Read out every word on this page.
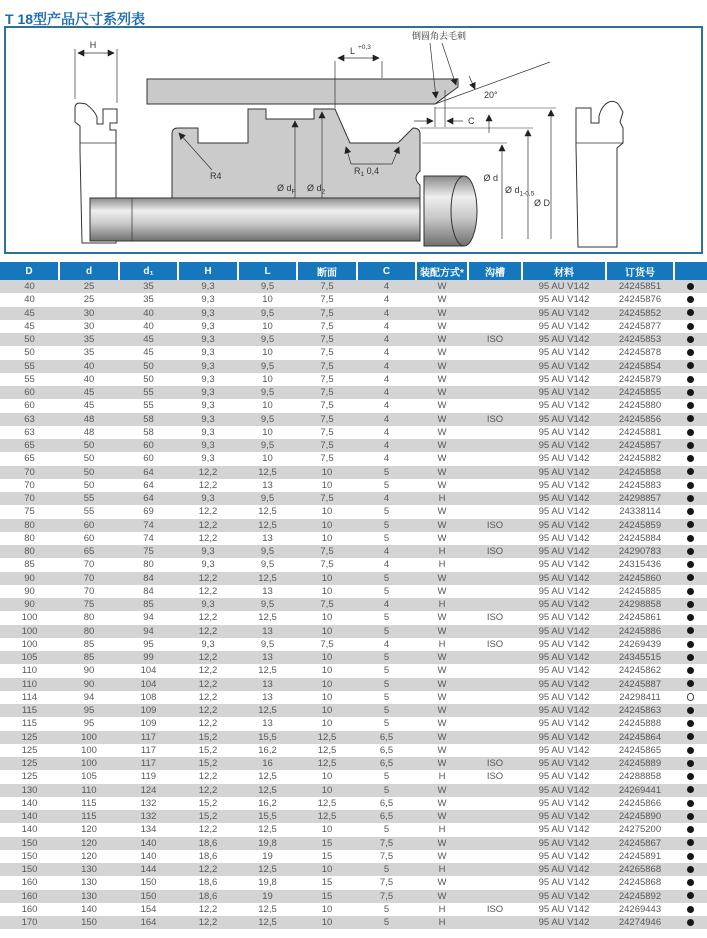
T 18型产品尺寸系列表
H
20°
倒圆角去毛刺
L +0,3
C
R4	$R_1$ 0,4
Ø $d_F$ Ø $d_2$
Ø d
Ø $d_{1-0,5}$
Ø D
D	d	d₁	H	L	断面	C	装配方式*	沟槽	材料	订货号	
40	25	35	9,3	9,5	7,5	4	W		95 AU V142	24245851	
40	25	35	9,3	10	7,5	4	W		95 AU V142	24245876	
45	30	40	9,3	9,5	7,5	4	W		95 AU V142	24245852	
45	30	40	9,3	10	7,5	4	W		95 AU V142	24245877	
50	35	45	9,3	9,5	7,5	4	W	ISO	95 AU V142	24245853	
50	35	45	9,3	10	7,5	4	W		95 AU V142	24245878	
55	40	50	9,3	9,5	7,5	4	W		95 AU V142	24245854	
55	40	50	9,3	10	7,5	4	W		95 AU V142	24245879	
60	45	55	9,3	9,5	7,5	4	W		95 AU V142	24245855	
60	45	55	9,3	10	7,5	4	W		95 AU V142	24245880	
63	48	58	9,3	9,5	7,5	4	W	ISO	95 AU V142	24245856	
63	48	58	9,3	10	7,5	4	W		95 AU V142	24245881	
65	50	60	9,3	9,5	7,5	4	W		95 AU V142	24245857	
65	50	60	9,3	10	7,5	4	W		95 AU V142	24245882	
70	50	64	12,2	12,5	10	5	W		95 AU V142	24245858	
70	50	64	12,2	13	10	5	W		95 AU V142	24245883	
70	55	64	9,3	9,5	7,5	4	H		95 AU V142	24298857	
75	55	69	12,2	12,5	10	5	W		95 AU V142	24338114	
80	60	74	12,2	12,5	10	5	W	ISO	95 AU V142	24245859	
80	60	74	12,2	13	10	5	W		95 AU V142	24245884	
80	65	75	9,3	9,5	7,5	4	H	ISO	95 AU V142	24290783	
85	70	80	9,3	9,5	7,5	4	H		95 AU V142	24315436	
90	70	84	12,2	12,5	10	5	W		95 AU V142	24245860	
90	70	84	12,2	13	10	5	W		95 AU V142	24245885	
90	75	85	9,3	9,5	7,5	4	H		95 AU V142	24298858	
100	80	94	12,2	12,5	10	5	W	ISO	95 AU V142	24245861	
100	80	94	12,2	13	10	5	W		95 AU V142	24245886	
100	85	95	9,3	9,5	7,5	4	H	ISO	95 AU V142	24269439	
105	85	99	12,2	13	10	5	W		95 AU V142	24345515	
110	90	104	12,2	12,5	10	5	W		95 AU V142	24245862	
110	90	104	12,2	13	10	5	W		95 AU V142	24245887	
114	94	108	12,2	13	10	5	W		95 AU V142	24298411	
115	95	109	12,2	12,5	10	5	W		95 AU V142	24245863	
115	95	109	12,2	13	10	5	W		95 AU V142	24245888	
125	100	117	15,2	15,5	12,5	6,5	W		95 AU V142	24245864	
125	100	117	15,2	16,2	12,5	6,5	W		95 AU V142	24245865	
125	100	117	15,2	16	12,5	6,5	W	ISO	95 AU V142	24245889	
125	105	119	12,2	12,5	10	5	H	ISO	95 AU V142	24288858	
130	110	124	12,2	12,5	10	5	W		95 AU V142	24269441	
140	115	132	15,2	16,2	12,5	6,5	W		95 AU V142	24245866	
140	115	132	15,2	15,5	12,5	6,5	W		95 AU V142	24245890	
140	120	134	12,2	12,5	10	5	H		95 AU V142	24275200	
150	120	140	18,6	19,8	15	7,5	W		95 AU V142	24245867	
150	120	140	18,6	19	15	7,5	W		95 AU V142	24245891	
150	130	144	12,2	12,5	10	5	H		95 AU V142	24265868	
160	130	150	18,6	19,8	15	7,5	W		95 AU V142	24245868	
160	130	150	18,6	19	15	7,5	W		95 AU V142	24245892	
160	140	154	12,2	12,5	10	5	H	ISO	95 AU V142	24269443	
170	150	164	12,2	12,5	10	5	H		95 AU V142	24274946	
